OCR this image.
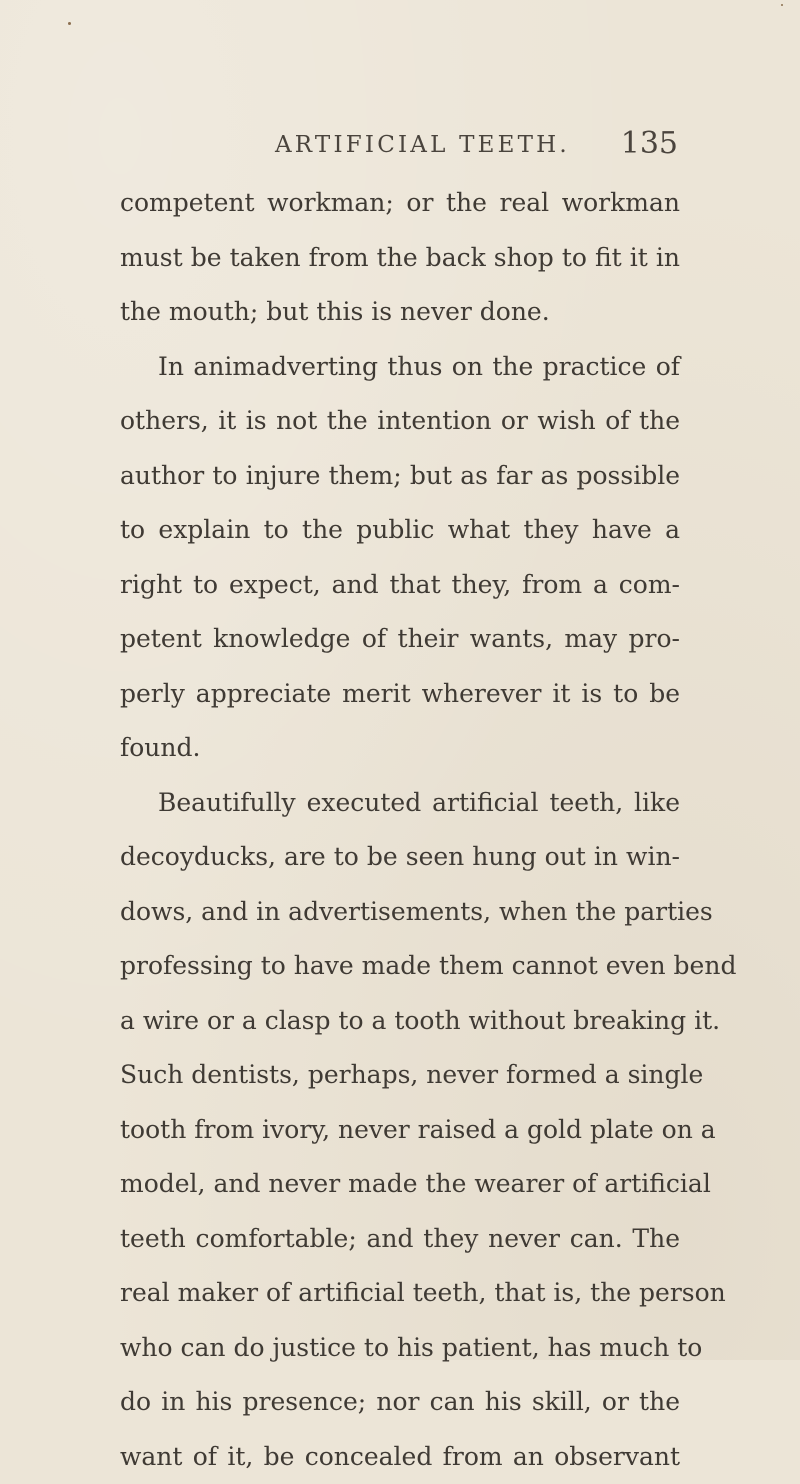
ARTIFICIAL TEETH. 135
competent workman; or the real workman
must be taken from the back shop to fit it in
the mouth; but this is never done.
In animadverting thus on the practice of
others, it is not the intention or wish of the
author to injure them; but as far as possible
to explain to the public what they have a
right to expect, and that they, from a com-
petent knowledge of their wants, may pro-
perly appreciate merit wherever it is to be
found.
Beautifully executed artificial teeth, like
decoyducks, are to be seen hung out in win-
dows, and in advertisements, when the parties
professing to have made them cannot even bend
a wire or a clasp to a tooth without breaking it.
Such dentists, perhaps, never formed a single
tooth from ivory, never raised a gold plate on a
model, and never made the wearer of artificial
teeth comfortable; and they never can. The
real maker of artificial teeth, that is, the person
who can do justice to his patient, has much to
do in his presence; nor can his skill, or the
want of it, be concealed from an observant
